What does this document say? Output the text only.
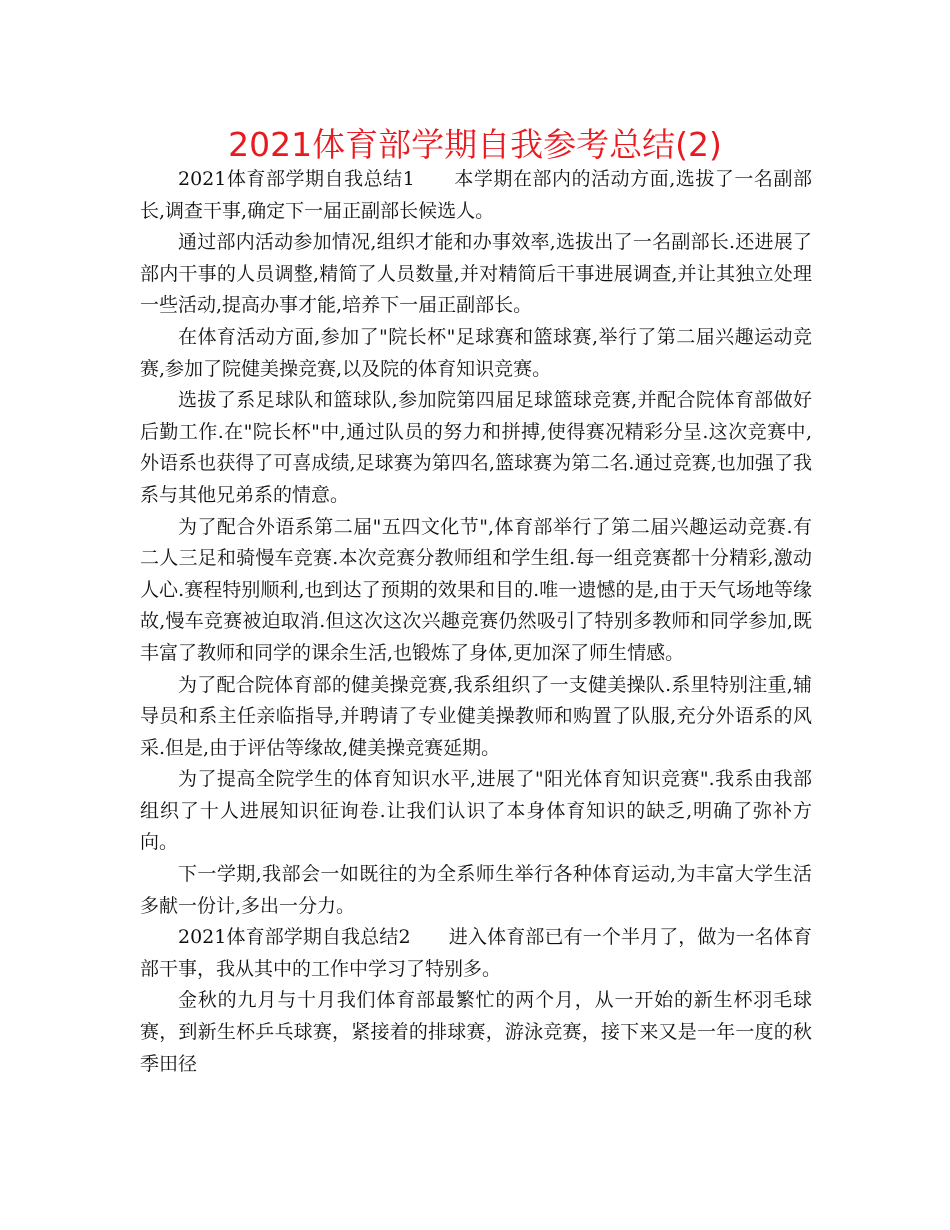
2021体育部学期自我参考总结(2)

2021体育部学期自我总结1　　本学期在部内的活动方面,选拔了一名副部长,调查干事,确定下一届正副部长候选人。

通过部内活动参加情况,组织才能和办事效率,选拔出了一名副部长.还进展了部内干事的人员调整,精简了人员数量,并对精简后干事进展调查,并让其独立处理一些活动,提高办事才能,培养下一届正副部长。

在体育活动方面,参加了"院长杯"足球赛和篮球赛,举行了第二届兴趣运动竞赛,参加了院健美操竞赛,以及院的体育知识竞赛。

选拔了系足球队和篮球队,参加院第四届足球篮球竞赛,并配合院体育部做好后勤工作.在"院长杯"中,通过队员的努力和拼搏,使得赛况精彩分呈.这次竞赛中,外语系也获得了可喜成绩,足球赛为第四名,篮球赛为第二名.通过竞赛,也加强了我系与其他兄弟系的情意。

为了配合外语系第二届"五四文化节",体育部举行了第二届兴趣运动竞赛.有二人三足和骑慢车竞赛.本次竞赛分教师组和学生组.每一组竞赛都十分精彩,激动人心.赛程特别顺利,也到达了预期的效果和目的.唯一遗憾的是,由于天气场地等缘故,慢车竞赛被迫取消.但这次这次兴趣竞赛仍然吸引了特别多教师和同学参加,既丰富了教师和同学的课余生活,也锻炼了身体,更加深了师生情感。

为了配合院体育部的健美操竞赛,我系组织了一支健美操队.系里特别注重,辅导员和系主任亲临指导,并聘请了专业健美操教师和购置了队服,充分外语系的风采.但是,由于评估等缘故,健美操竞赛延期。

为了提高全院学生的体育知识水平,进展了"阳光体育知识竞赛".我系由我部组织了十人进展知识征询卷.让我们认识了本身体育知识的缺乏,明确了弥补方向。

下一学期,我部会一如既往的为全系师生举行各种体育运动,为丰富大学生活多献一份计,多出一分力。

2021体育部学期自我总结2　　进入体育部已有一个半月了，做为一名体育部干事，我从其中的工作中学习了特别多。

金秋的九月与十月我们体育部最繁忙的两个月，从一开始的新生杯羽毛球赛，到新生杯乒乓球赛，紧接着的排球赛，游泳竞赛，接下来又是一年一度的秋季田径
